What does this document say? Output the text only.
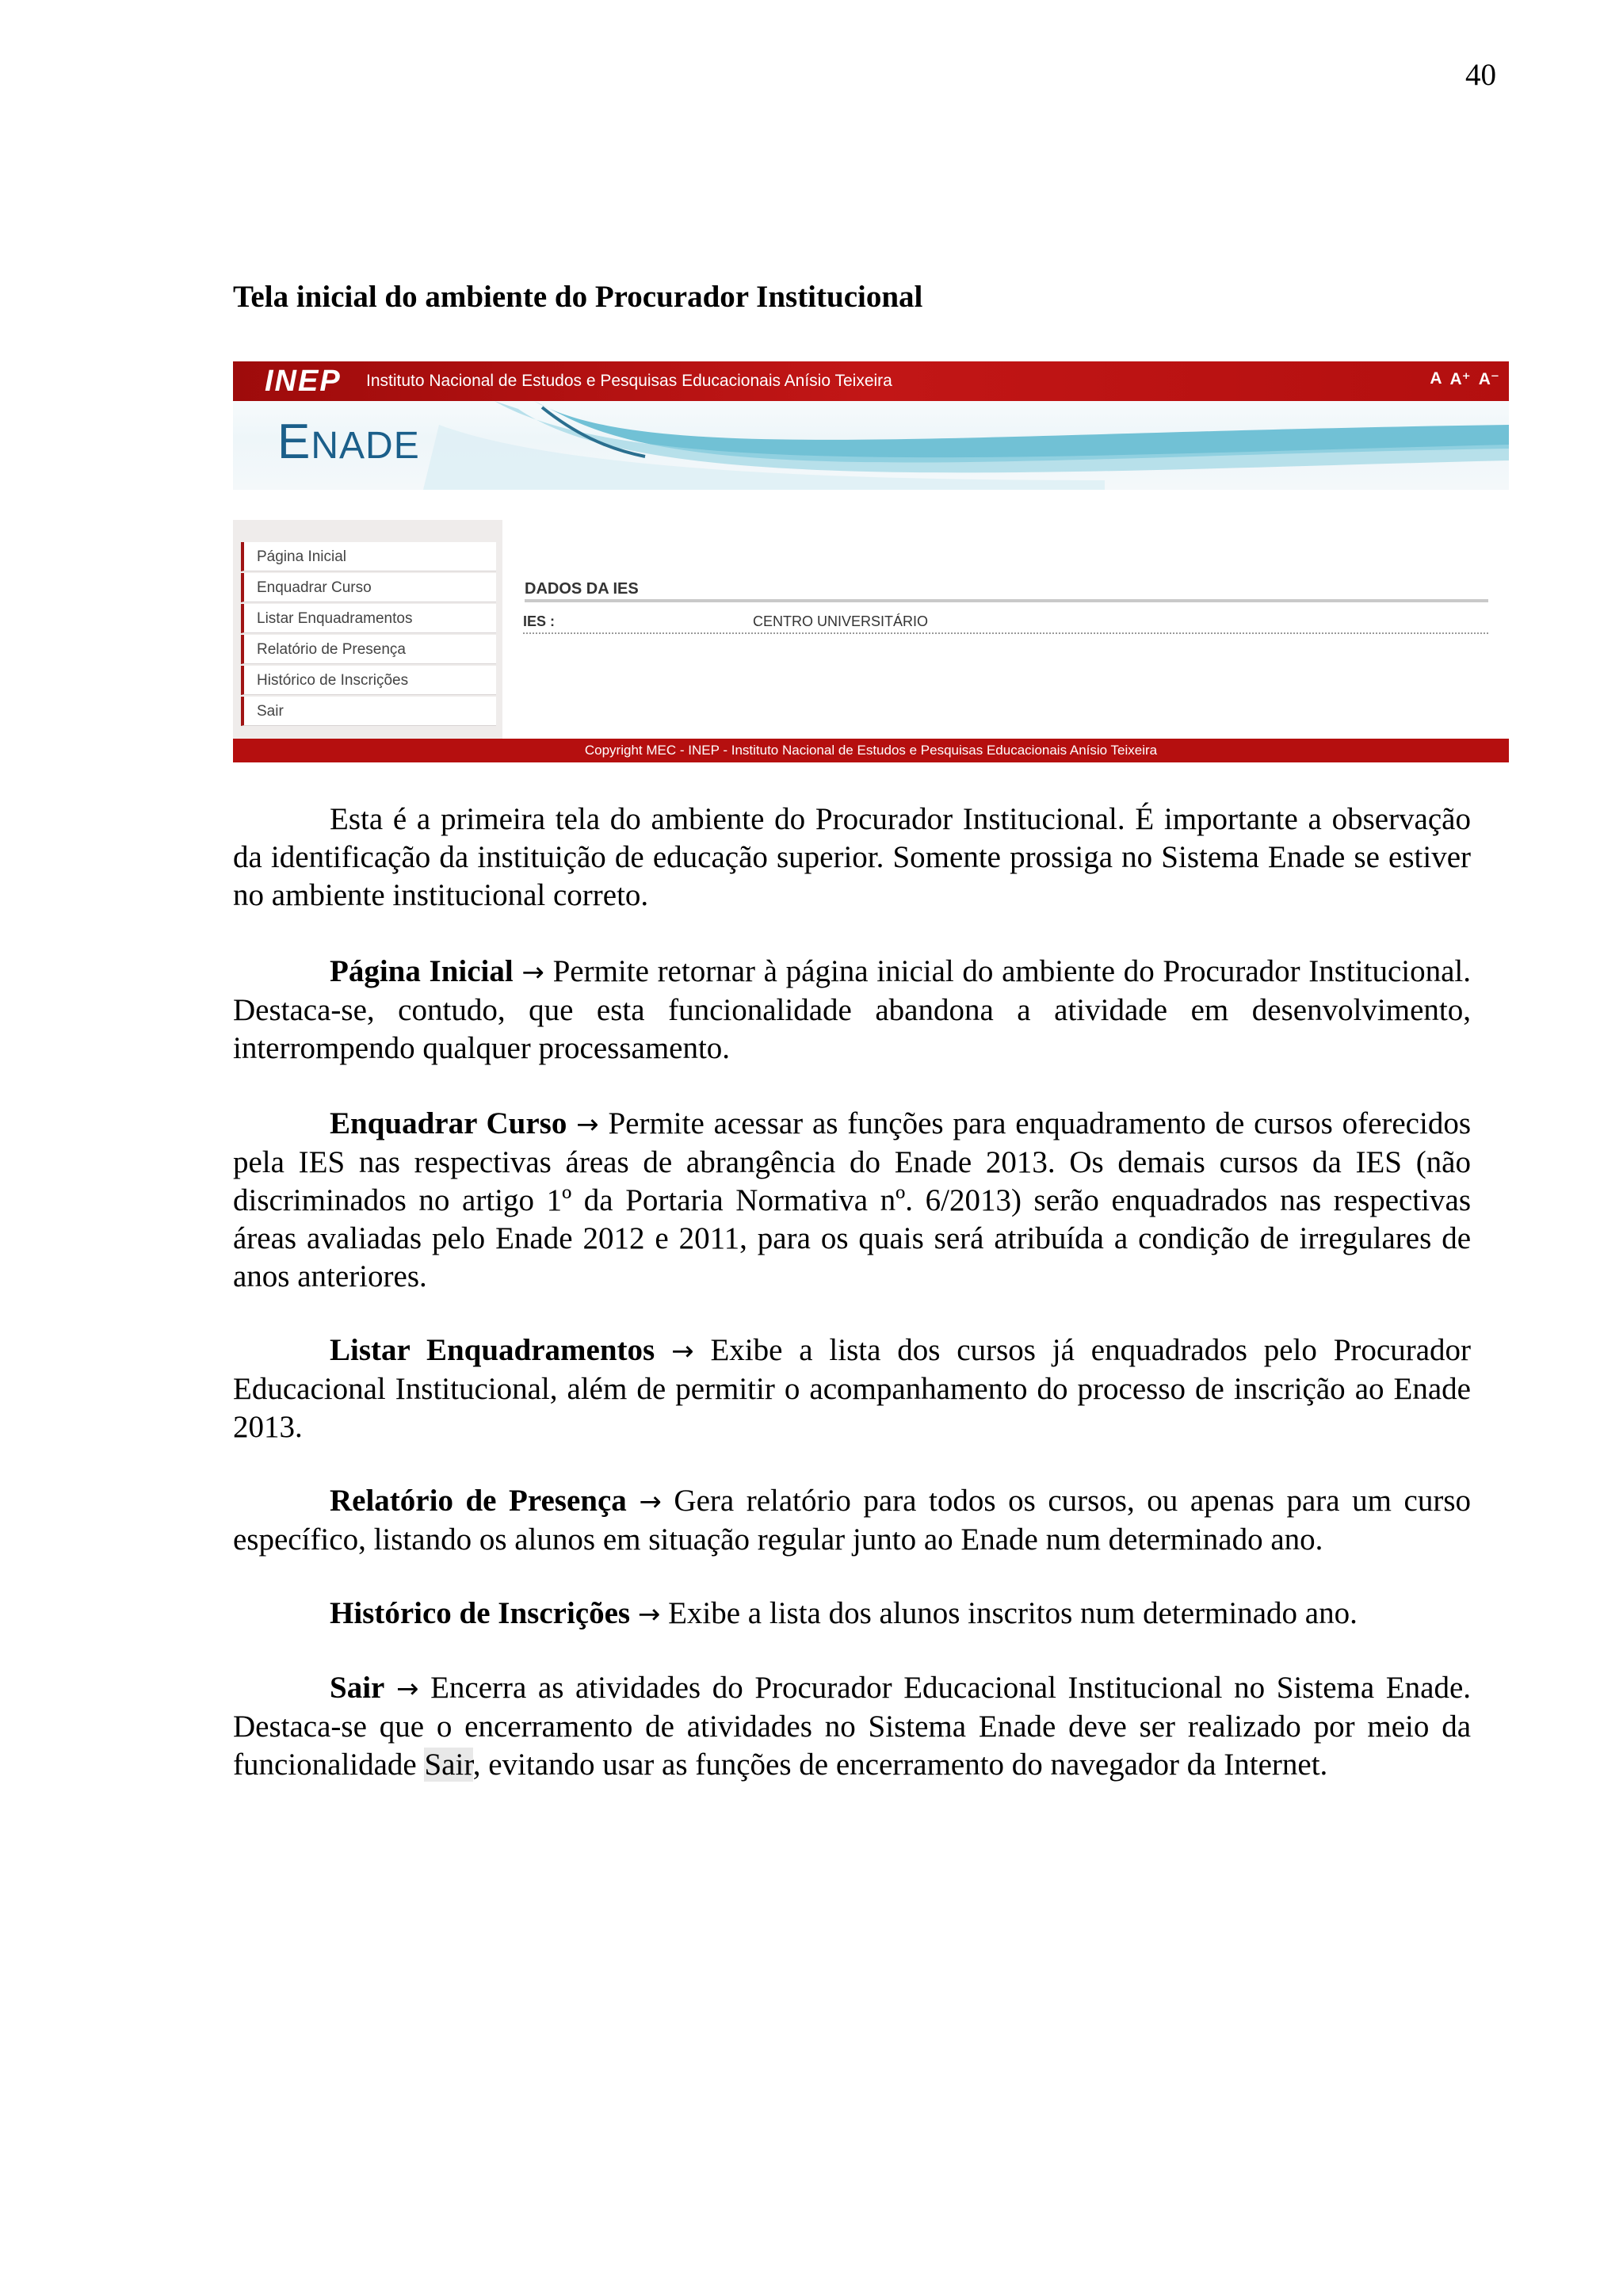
40
Tela inicial do ambiente do Procurador Institucional
INEP Instituto Nacional de Estudos e Pesquisas Educacionais Anísio Teixeira	A A⁺ A⁻
ENADE
Página Inicial
Enquadrar Curso
Listar Enquadramentos
Relatório de Presença
Histórico de Inscrições
Sair
DADOS DA IES
IES :	CENTRO UNIVERSITÁRIO
Copyright MEC - INEP - Instituto Nacional de Estudos e Pesquisas Educacionais Anísio Teixeira

Esta é a primeira tela do ambiente do Procurador Institucional. É importante a observação da identificação da instituição de educação superior. Somente prossiga no Sistema Enade se estiver no ambiente institucional correto.

Página Inicial → Permite retornar à página inicial do ambiente do Procurador Institucional. Destaca-se, contudo, que esta funcionalidade abandona a atividade em desenvolvimento, interrompendo qualquer processamento.

Enquadrar Curso → Permite acessar as funções para enquadramento de cursos oferecidos pela IES nas respectivas áreas de abrangência do Enade 2013. Os demais cursos da IES (não discriminados no artigo 1º da Portaria Normativa nº. 6/2013) serão enquadrados nas respectivas áreas avaliadas pelo Enade 2012 e 2011, para os quais será atribuída a condição de irregulares de anos anteriores.

Listar Enquadramentos → Exibe a lista dos cursos já enquadrados pelo Procurador Educacional Institucional, além de permitir o acompanhamento do processo de inscrição ao Enade 2013.

Relatório de Presença → Gera relatório para todos os cursos, ou apenas para um curso específico, listando os alunos em situação regular junto ao Enade num determinado ano.

Histórico de Inscrições → Exibe a lista dos alunos inscritos num determinado ano.

Sair → Encerra as atividades do Procurador Educacional Institucional no Sistema Enade. Destaca-se que o encerramento de atividades no Sistema Enade deve ser realizado por meio da funcionalidade Sair, evitando usar as funções de encerramento do navegador da Internet.
